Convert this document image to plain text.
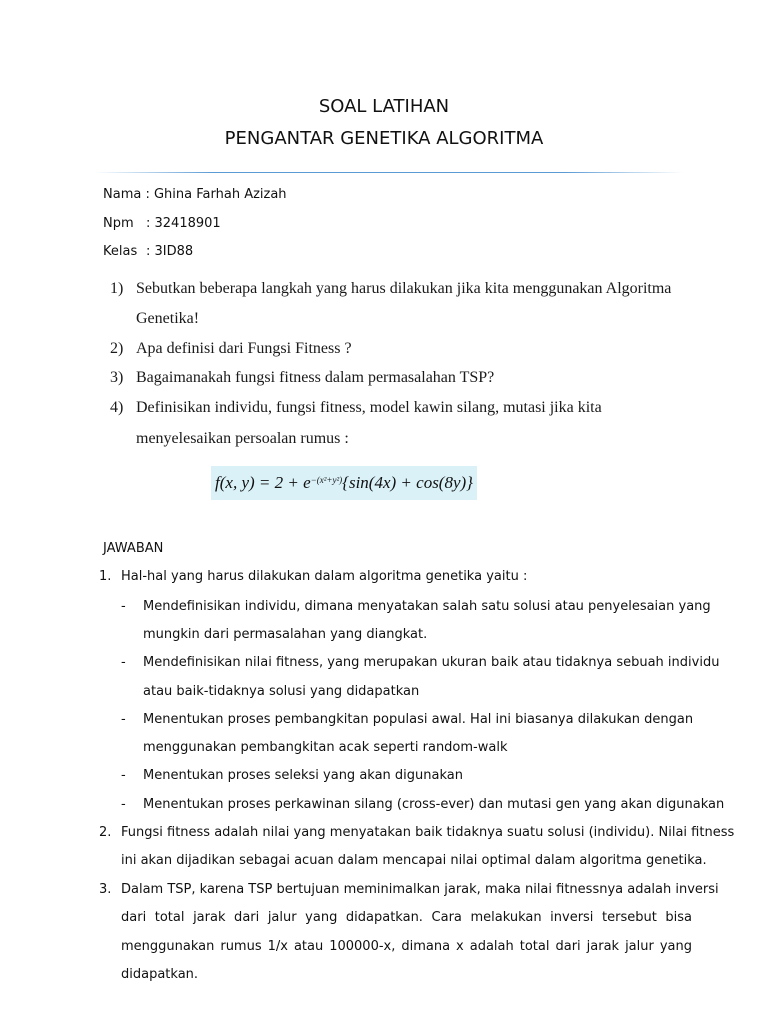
SOAL LATIHAN
PENGANTAR GENETIKA ALGORITMA
Nama : Ghina Farhah Azizah
Npm : 32418901
Kelas : 3ID88
1) Sebutkan beberapa langkah yang harus dilakukan jika kita menggunakan Algoritma
Genetika!
2) Apa definisi dari Fungsi Fitness ?
3) Bagaimanakah fungsi fitness dalam permasalahan TSP?
4) Definisikan individu, fungsi fitness, model kawin silang, mutasi jika kita
menyelesaikan persoalan rumus :
f(x, $y) = 2 + e^{-(x^2+y^2)}$ {sin(4x) + cos(8y)}
JAWABAN
1. Hal-hal yang harus dilakukan dalam algoritma genetika yaitu :
- Mendefinisikan individu, dimana menyatakan salah satu solusi atau penyelesaian yang
mungkin dari permasalahan yang diangkat.
- Mendefinisikan nilai fitness, yang merupakan ukuran baik atau tidaknya sebuah individu
atau baik-tidaknya solusi yang didapatkan
- Menentukan proses pembangkitan populasi awal. Hal ini biasanya dilakukan dengan
menggunakan pembangkitan acak seperti random-walk
- Menentukan proses seleksi yang akan digunakan
- Menentukan proses perkawinan silang (cross-ever) dan mutasi gen yang akan digunakan
2. Fungsi fitness adalah nilai yang menyatakan baik tidaknya suatu solusi (individu). Nilai fitness
ini akan dijadikan sebagai acuan dalam mencapai nilai optimal dalam algoritma genetika.
3. Dalam TSP, karena TSP bertujuan meminimalkan jarak, maka nilai fitnessnya adalah inversi
dari total jarak dari jalur yang didapatkan. Cara melakukan inversi tersebut bisa
menggunakan rumus 1/x atau 100000-x, dimana x adalah total dari jarak jalur yang
didapatkan.
